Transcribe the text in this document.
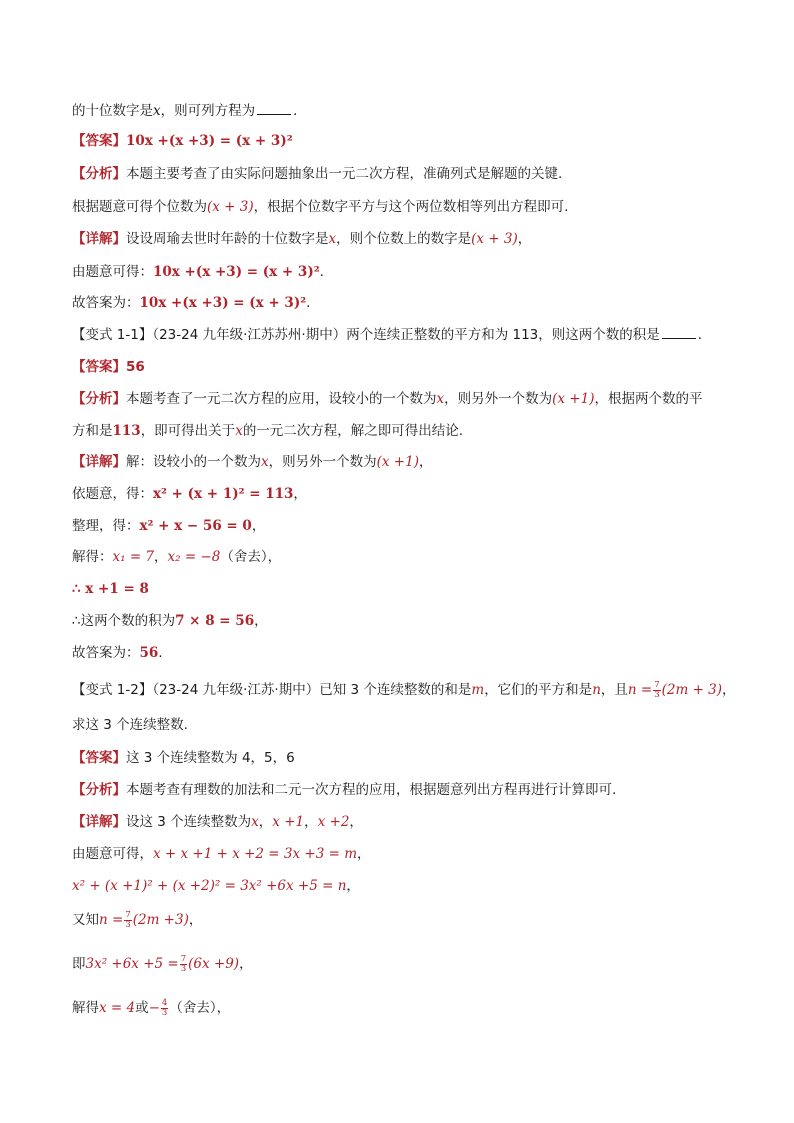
的十位数字是x，则可列方程为	.
【答案】10x +(x +3) = (x + 3)²
【分析】本题主要考查了由实际问题抽象出一元二次方程，准确列式是解题的关键.
根据题意可得个位数为(x + 3)，根据个位数字平方与这个两位数相等列出方程即可.
【详解】设设周瑜去世时年龄的十位数字是x，则个位数上的数字是(x + 3)，
由题意可得：10x +(x +3) = (x + 3)².
故答案为：10x +(x +3) = (x + 3)².
【变式 1-1】（23-24 九年级·江苏苏州·期中）两个连续正整数的平方和为 113，则这两个数的积是	.
【答案】56
【分析】本题考查了一元二次方程的应用，设较小的一个数为x，则另外一个数为(x +1)，根据两个数的平
方和是113，即可得出关于x的一元二次方程，解之即可得出结论.
【详解】解：设较小的一个数为x，则另外一个数为(x +1)，
依题意，得：x² + (x + 1)² = 113，
整理，得：x² + x − 56 = 0，
解得：x₁ = 7，x₂ = −8（舍去），
∴ x +1 = 8
∴这两个数的积为7 × 8 = 56，
故答案为：56.
【变式 1-2】（23-24 九年级·江苏·期中）已知 3 个连续整数的和是m，它们的平方和是n，且$n = \frac{7}{3} (2m + 3)$，
求这 3 个连续整数.
【答案】这 3 个连续整数为 4，5，6
【分析】本题考查有理数的加法和二元一次方程的应用，根据题意列出方程再进行计算即可.
【详解】设这 3 个连续整数为x，x +1，x +2，
由题意可得，x + x +1 + x +2 = 3x +3 = m，
x² + (x +1)² + (x +2)² = 3x² +6x +5 = n，
又知$n = \frac{7}{3} (2m +3)$，
即$3x^2 +6x +5 = \frac{7}{3} (6x +9)$，
解得x = 4或− $\frac{4}{3}$ （舍去），
